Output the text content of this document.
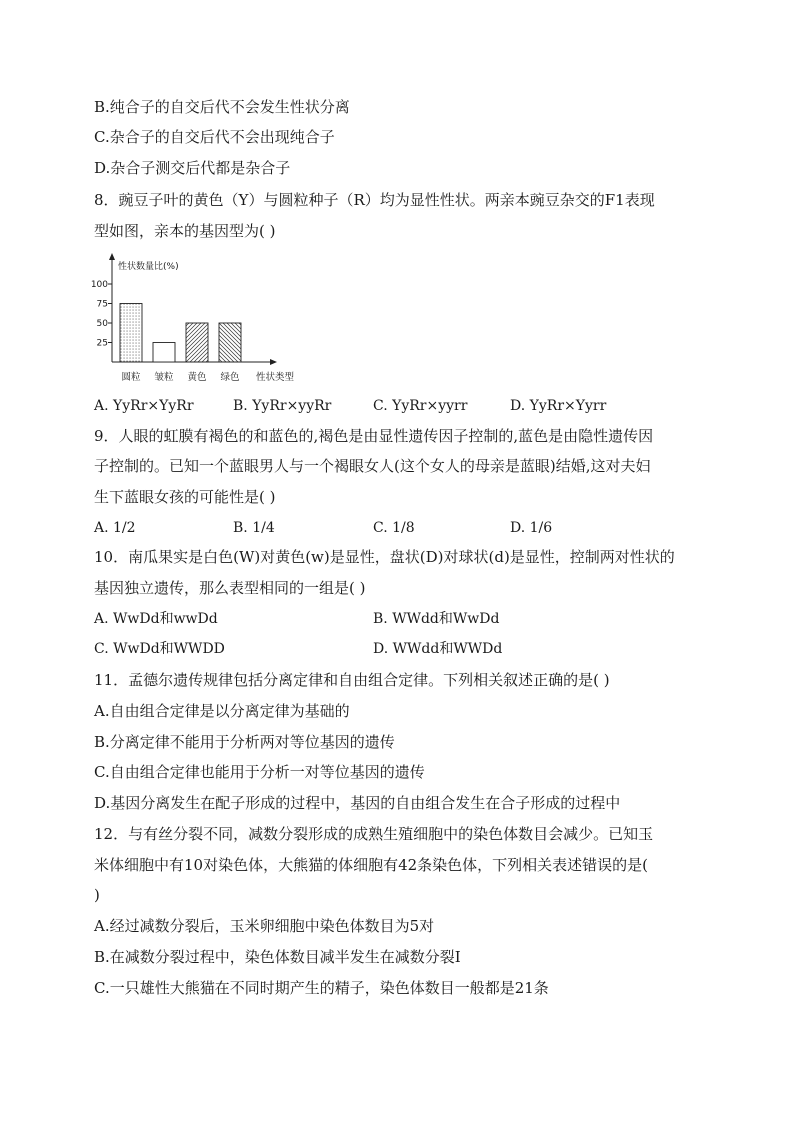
B.纯合子的自交后代不会发生性状分离
C.杂合子的自交后代不会出现纯合子
D.杂合子测交后代都是杂合子
8．豌豆子叶的黄色（Y）与圆粒种子（R）均为显性性状。两亲本豌豆杂交的F1表现
型如图，亲本的基因型为( )
性状数量比(%)
100
75
50
25
圆粒 皱粒 黄色 绿色 性状类型
A. YyRr×YyRr	B. YyRr×yyRr	C. YyRr×yyrr	D. YyRr×Yyrr
9．人眼的虹膜有褐色的和蓝色的,褐色是由显性遗传因子控制的,蓝色是由隐性遗传因
子控制的。已知一个蓝眼男人与一个褐眼女人(这个女人的母亲是蓝眼)结婚,这对夫妇
生下蓝眼女孩的可能性是( )
A. 1/2	B. 1/4	C. 1/8	D. 1/6
10．南瓜果实是白色(W)对黄色(w)是显性，盘状(D)对球状(d)是显性，控制两对性状的
基因独立遗传，那么表型相同的一组是( )
A. WwDd和wwDd	B. WWdd和WwDd
C. WwDd和WWDD	D. WWdd和WWDd
11．孟德尔遗传规律包括分离定律和自由组合定律。下列相关叙述正确的是( )
A.自由组合定律是以分离定律为基础的
B.分离定律不能用于分析两对等位基因的遗传
C.自由组合定律也能用于分析一对等位基因的遗传
D.基因分离发生在配子形成的过程中，基因的自由组合发生在合子形成的过程中
12．与有丝分裂不同，减数分裂形成的成熟生殖细胞中的染色体数目会减少。已知玉
米体细胞中有10对染色体，大熊猫的体细胞有42条染色体，下列相关表述错误的是(
)
A.经过减数分裂后，玉米卵细胞中染色体数目为5对
B.在减数分裂过程中，染色体数目减半发生在减数分裂Ⅰ
C.一只雄性大熊猫在不同时期产生的精子，染色体数目一般都是21条
